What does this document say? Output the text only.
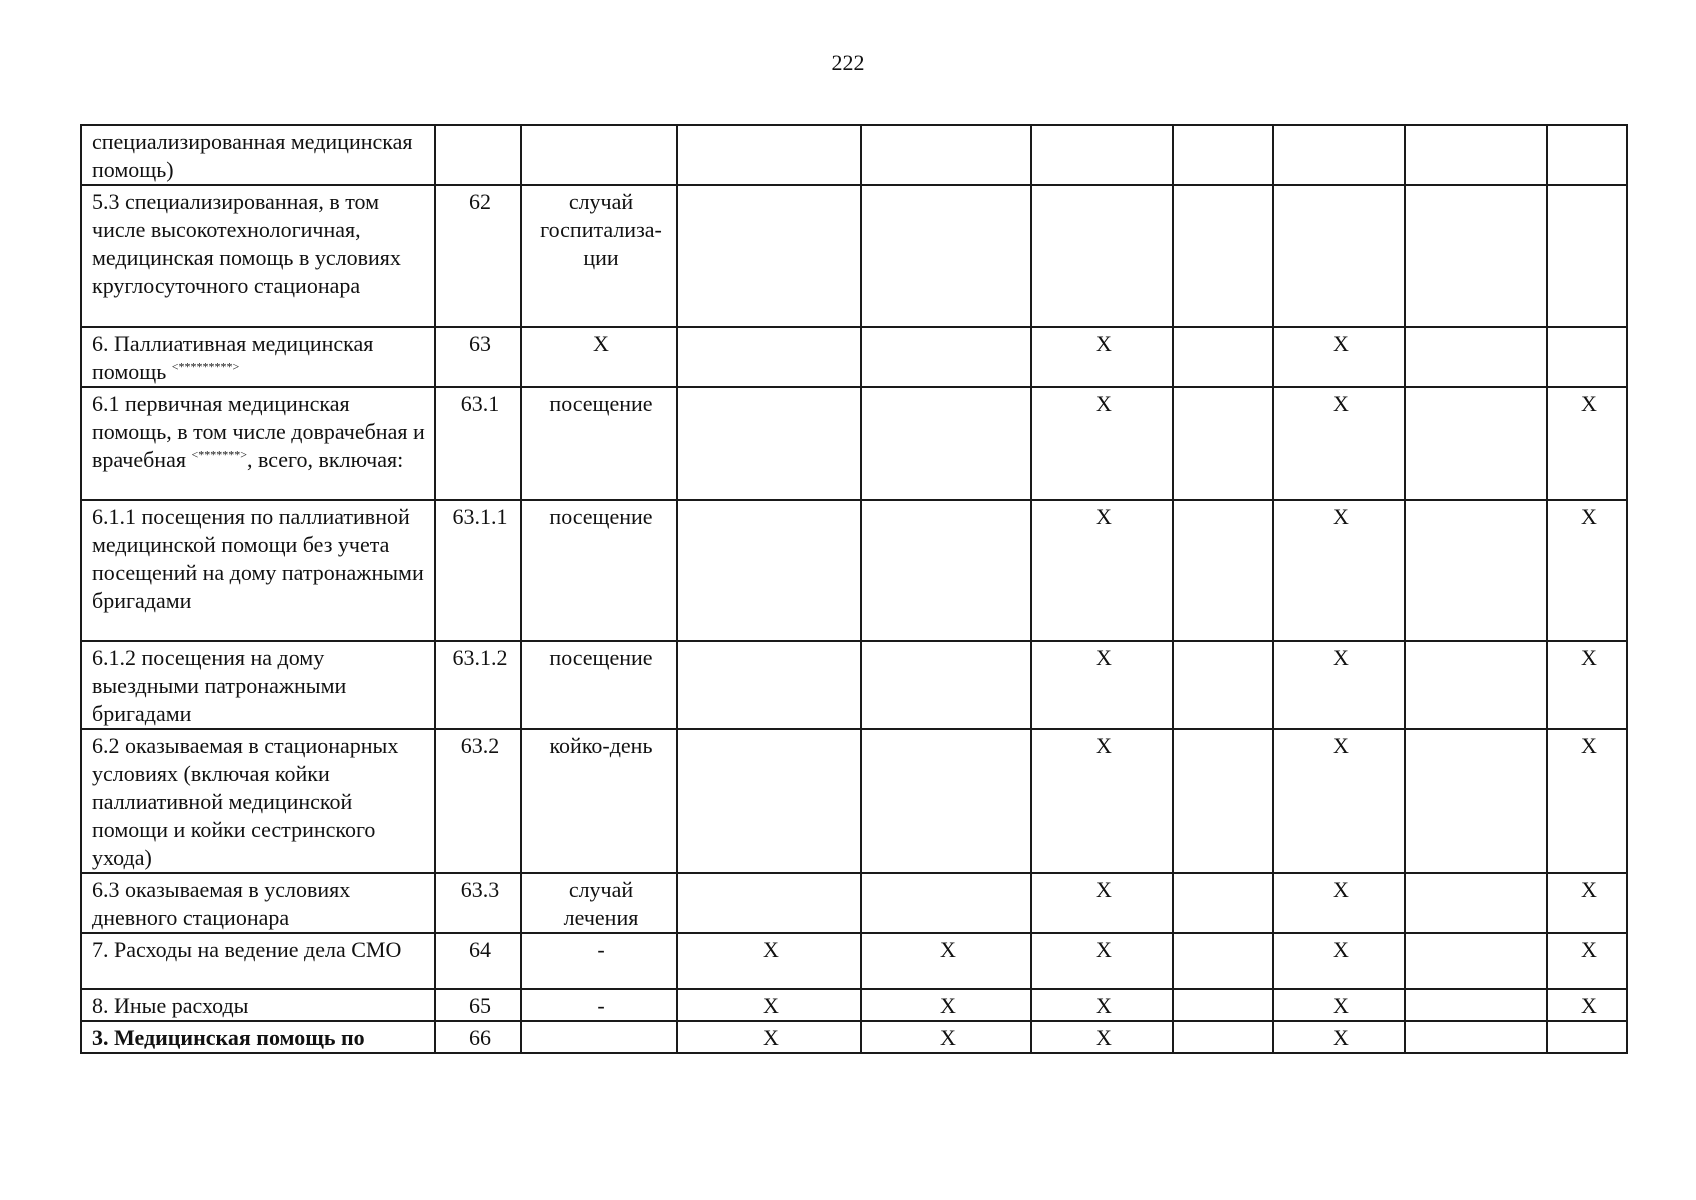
222
специализированная медицинская помощь)									
5.3 специализированная, в том числе высокотехнологичная, медицинская помощь в условиях круглосуточного стационара	62	случай госпитализа-ции							
6. Паллиативная медицинская помощь <*********>	63	X			X		X		
6.1 первичная медицинская помощь, в том числе доврачебная и врачебная <*******>, всего, включая:	63.1	посещение			X		X		X
6.1.1 посещения по паллиативной медицинской помощи без учета посещений на дому патронажными бригадами	63.1.1	посещение			X		X		X
6.1.2 посещения на дому выездными патронажными бригадами	63.1.2	посещение			X		X		X
6.2 оказываемая в стационарных условиях (включая койки паллиативной медицинской помощи и койки сестринского ухода)	63.2	койко-день			X		X		X
6.3 оказываемая в условиях дневного стационара	63.3	случай лечения			X		X		X
7. Расходы на ведение дела СМО	64	-	X	X	X		X		X
8. Иные расходы	65	-	X	X	X		X		X
3. Медицинская помощь по	66		X	X	X		X		
